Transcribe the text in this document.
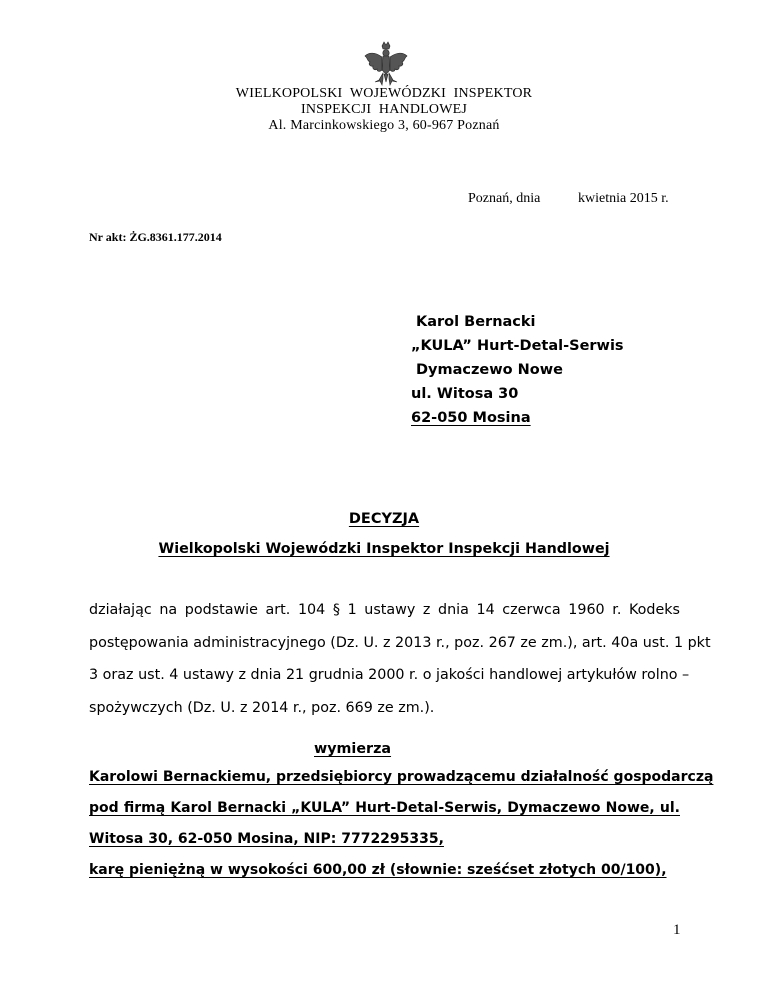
WIELKOPOLSKI WOJEWÓDZKI INSPEKTOR
INSPEKCJI HANDLOWEJ
Al. Marcinkowskiego 3, 60-967 Poznań
Poznań, dnia	kwietnia 2015 r.
Nr akt: ŻG.8361.177.2014
Karol Bernacki
„KULA” Hurt-Detal-Serwis
Dymaczewo Nowe
ul. Witosa 30
62-050 Mosina
DECYZJA
Wielkopolski Wojewódzki Inspektor Inspekcji Handlowej
działając na podstawie art. 104 § 1 ustawy z dnia 14 czerwca 1960 r. Kodeks
postępowania administracyjnego (Dz. U. z 2013 r., poz. 267 ze zm.), art. 40a ust. 1 pkt
3 oraz ust. 4 ustawy z dnia 21 grudnia 2000 r. o jakości handlowej artykułów rolno –
spożywczych (Dz. U. z 2014 r., poz. 669 ze zm.).
wymierza
Karolowi Bernackiemu, przedsiębiorcy prowadzącemu działalność gospodarczą
pod firmą Karol Bernacki „KULA” Hurt-Detal-Serwis, Dymaczewo Nowe, ul.
Witosa 30, 62-050 Mosina, NIP: 7772295335,
karę pieniężną w wysokości 600,00 zł (słownie: sześćset złotych 00/100),
1
